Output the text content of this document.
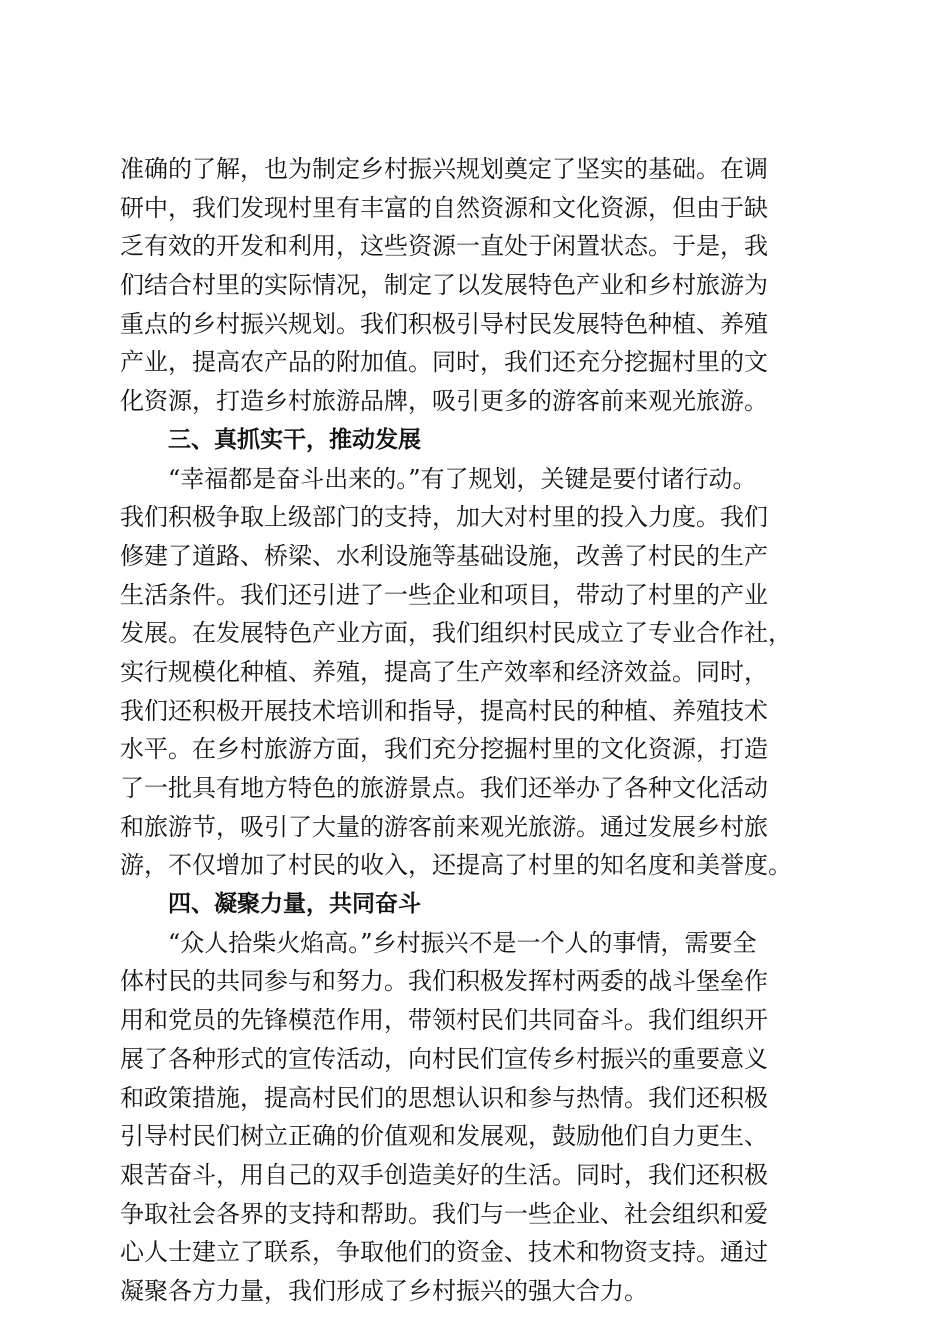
准确的了解，也为制定乡村振兴规划奠定了坚实的基础。在调
研中，我们发现村里有丰富的自然资源和文化资源，但由于缺
乏有效的开发和利用，这些资源一直处于闲置状态。于是，我
们结合村里的实际情况，制定了以发展特色产业和乡村旅游为
重点的乡村振兴规划。我们积极引导村民发展特色种植、养殖
产业，提高农产品的附加值。同时，我们还充分挖掘村里的文
化资源，打造乡村旅游品牌，吸引更多的游客前来观光旅游。
三、真抓实干，推动发展
“幸福都是奋斗出来的。”有了规划，关键是要付诸行动。
我们积极争取上级部门的支持，加大对村里的投入力度。我们
修建了道路、桥梁、水利设施等基础设施，改善了村民的生产
生活条件。我们还引进了一些企业和项目，带动了村里的产业
发展。在发展特色产业方面，我们组织村民成立了专业合作社，
实行规模化种植、养殖，提高了生产效率和经济效益。同时，
我们还积极开展技术培训和指导，提高村民的种植、养殖技术
水平。在乡村旅游方面，我们充分挖掘村里的文化资源，打造
了一批具有地方特色的旅游景点。我们还举办了各种文化活动
和旅游节，吸引了大量的游客前来观光旅游。通过发展乡村旅
游，不仅增加了村民的收入，还提高了村里的知名度和美誉度。
四、凝聚力量，共同奋斗
“众人拾柴火焰高。”乡村振兴不是一个人的事情，需要全
体村民的共同参与和努力。我们积极发挥村两委的战斗堡垒作
用和党员的先锋模范作用，带领村民们共同奋斗。我们组织开
展了各种形式的宣传活动，向村民们宣传乡村振兴的重要意义
和政策措施，提高村民们的思想认识和参与热情。我们还积极
引导村民们树立正确的价值观和发展观，鼓励他们自力更生、
艰苦奋斗，用自己的双手创造美好的生活。同时，我们还积极
争取社会各界的支持和帮助。我们与一些企业、社会组织和爱
心人士建立了联系，争取他们的资金、技术和物资支持。通过
凝聚各方力量，我们形成了乡村振兴的强大合力。
